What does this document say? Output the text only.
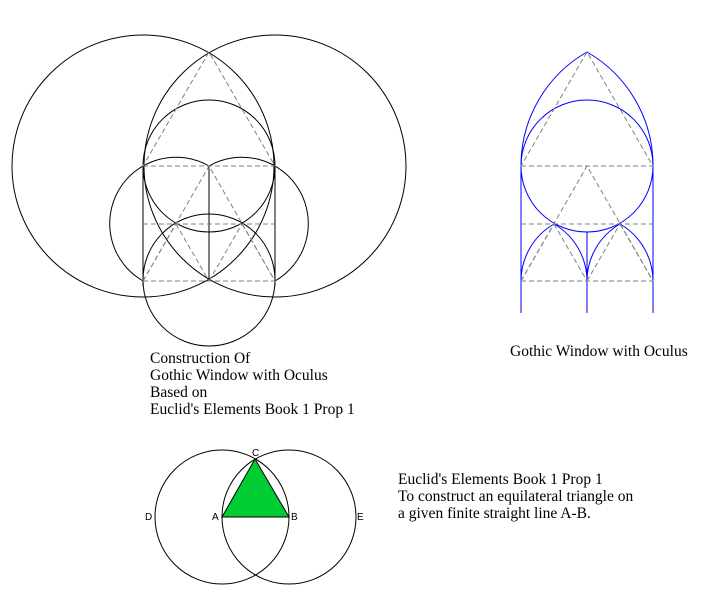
C
A	B
D	E
Construction Of
Gothic Window with Oculus
Based on
Euclid's Elements Book 1 Prop 1
Gothic Window with Oculus
Euclid's Elements Book 1 Prop 1
To construct an equilateral triangle on
a given finite straight line A-B.
